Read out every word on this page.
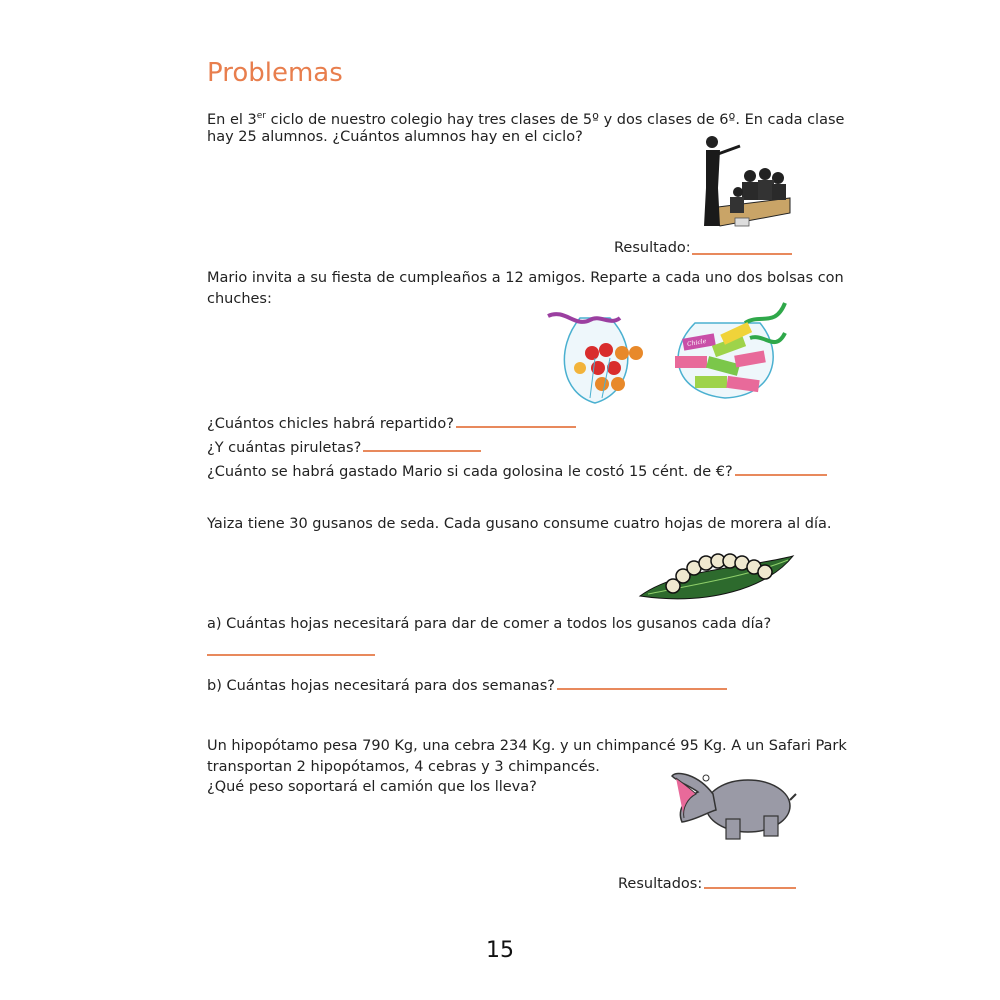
Problemas
En el 3er ciclo de nuestro colegio hay tres clases de 5º y dos clases de 6º. En cada clase
hay 25 alumnos. ¿Cuántos alumnos hay en el ciclo?
Resultado:
Mario invita a su fiesta de cumpleaños a 12 amigos. Reparte a cada uno dos bolsas con
chuches:
Chicle
¿Cuántos chicles habrá repartido?
¿Y cuántas piruletas?
¿Cuánto se habrá gastado Mario si cada golosina le costó 15 cént. de €?
Yaiza tiene 30 gusanos de seda. Cada gusano consume cuatro hojas de morera al día.
a) Cuántas hojas necesitará para dar de comer a todos los gusanos cada día?
b) Cuántas hojas necesitará para dos semanas?
Un hipopótamo pesa 790 Kg, una cebra 234 Kg. y un chimpancé 95 Kg. A un Safari Park
transportan 2 hipopótamos, 4 cebras y 3 chimpancés.
¿Qué peso soportará el camión que los lleva?
Resultados:
15
